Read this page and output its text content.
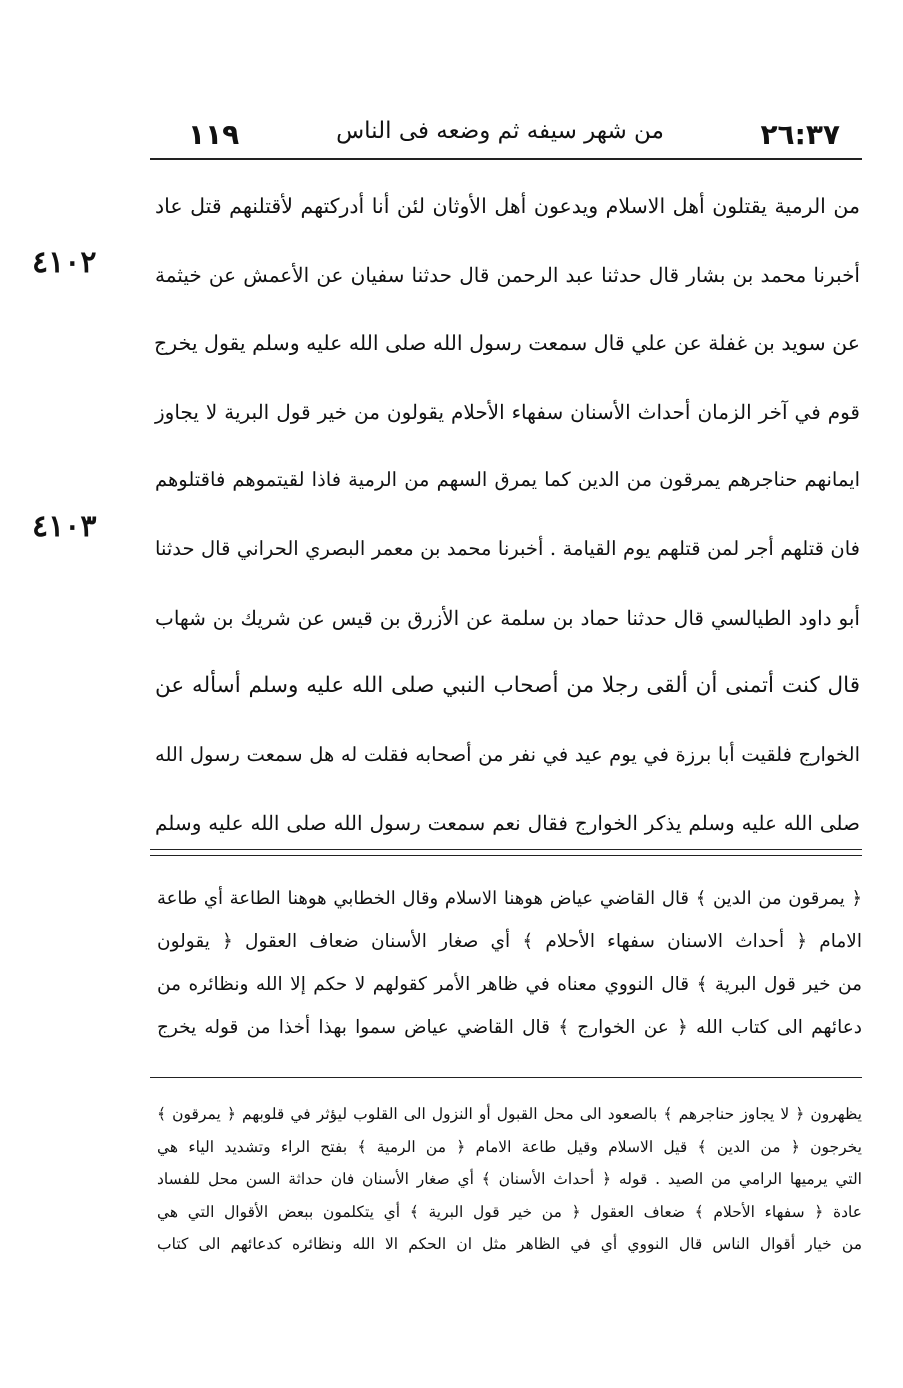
١١٩	من شهر سيفه ثم وضعه فى الناس	٢٦:٣٧
٤١٠٢
٤١٠٣
من الرمية يقتلون أهل الاسلام ويدعون أهل الأوثان لئن أنا أدركتهم لأقتلنهم قتل عاد
أخبرنا محمد بن بشار قال حدثنا عبد الرحمن قال حدثنا سفيان عن الأعمش عن خيثمة
عن سويد بن غفلة عن علي قال سمعت رسول الله صلى الله عليه وسلم يقول يخرج
قوم في آخر الزمان أحداث الأسنان سفهاء الأحلام يقولون من خير قول البرية لا يجاوز
ايمانهم حناجرهم يمرقون من الدين كما يمرق السهم من الرمية فاذا لقيتموهم فاقتلوهم
فان قتلهم أجر لمن قتلهم يوم القيامة . أخبرنا محمد بن معمر البصري الحراني قال حدثنا
أبو داود الطيالسي قال حدثنا حماد بن سلمة عن الأزرق بن قيس عن شريك بن شهاب
قال كنت أتمنى أن ألقى رجلا من أصحاب النبي صلى الله عليه وسلم أسأله عن
الخوارج فلقيت أبا برزة في يوم عيد في نفر من أصحابه فقلت له هل سمعت رسول الله
صلى الله عليه وسلم يذكر الخوارج فقال نعم سمعت رسول الله صلى الله عليه وسلم
﴿ يمرقون من الدين ﴾ قال القاضي عياض هوهنا الاسلام وقال الخطابي هوهنا الطاعة أي طاعة
الامام ﴿ أحداث الاسنان سفهاء الأحلام ﴾ أي صغار الأسنان ضعاف العقول ﴿ يقولون
من خير قول البرية ﴾ قال النووي معناه في ظاهر الأمر كقولهم لا حكم إلا الله ونظائره من
دعائهم الى كتاب الله ﴿ عن الخوارج ﴾ قال القاضي عياض سموا بهذا أخذا من قوله يخرج
يظهرون ﴿ لا يجاوز حناجرهم ﴾ بالصعود الى محل القبول أو النزول الى القلوب ليؤثر في قلوبهم ﴿ يمرقون ﴾
يخرجون ﴿ من الدين ﴾ قيل الاسلام وقيل طاعة الامام ﴿ من الرمية ﴾ بفتح الراء وتشديد الياء هي
التي يرميها الرامي من الصيد . قوله ﴿ أحداث الأسنان ﴾ أي صغار الأسنان فان حداثة السن محل للفساد
عادة ﴿ سفهاء الأحلام ﴾ ضعاف العقول ﴿ من خير قول البرية ﴾ أي يتكلمون ببعض الأقوال التي هي
من خيار أقوال الناس قال النووي أي في الظاهر مثل ان الحكم الا الله ونظائره كدعائهم الى كتاب
